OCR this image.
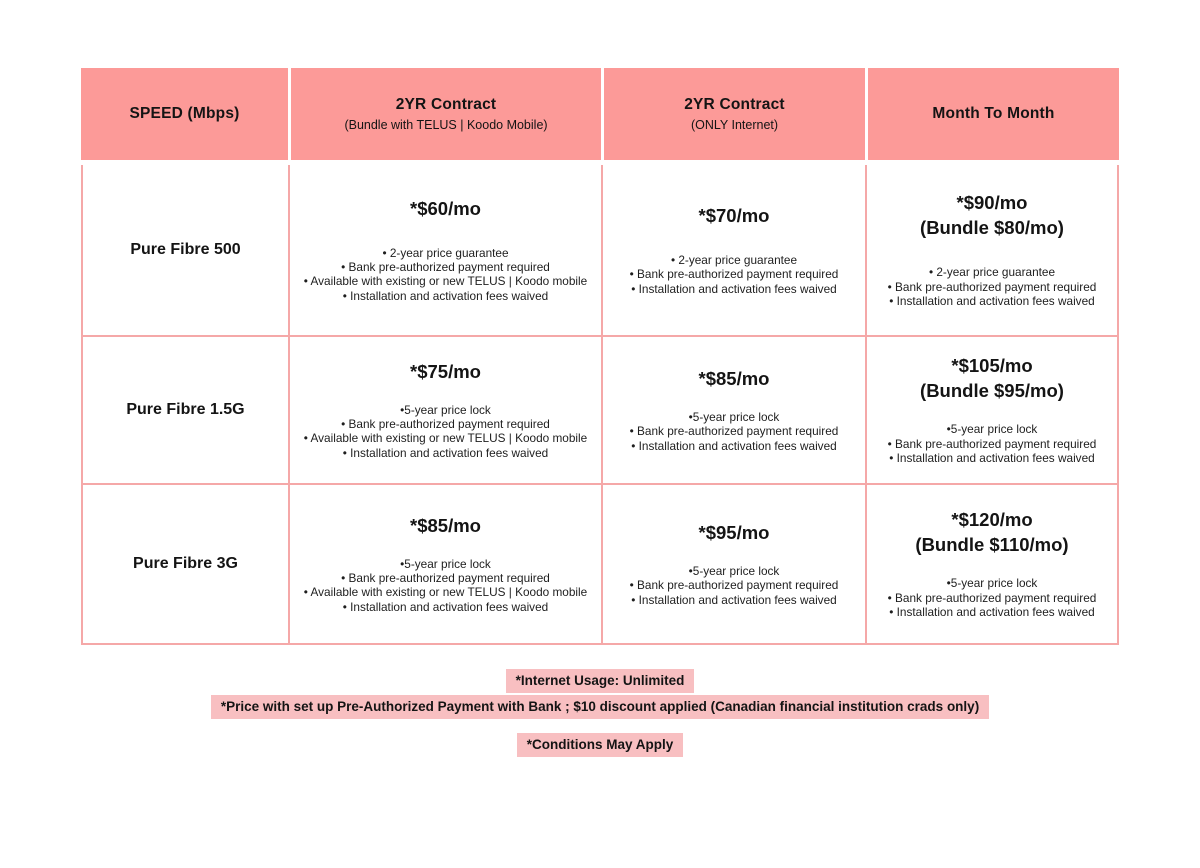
SPEED (Mbps)
2YR Contract
(Bundle with TELUS | Koodo Mobile)
2YR Contract
(ONLY Internet)
Month To Month
Pure Fibre 500
*$60/mo
• 2-year price guarantee
• Bank pre-authorized payment required
• Available with existing or new TELUS | Koodo mobile
• Installation and activation fees waived
*$70/mo
• 2-year price guarantee
• Bank pre-authorized payment required
• Installation and activation fees waived
*$90/mo
(Bundle $80/mo)
• 2-year price guarantee
• Bank pre-authorized payment required
• Installation and activation fees waived
Pure Fibre 1.5G
*$75/mo
•5-year price lock
• Bank pre-authorized payment required
• Available with existing or new TELUS | Koodo mobile
• Installation and activation fees waived
*$85/mo
•5-year price lock
• Bank pre-authorized payment required
• Installation and activation fees waived
*$105/mo
(Bundle $95/mo)
•5-year price lock
• Bank pre-authorized payment required
• Installation and activation fees waived
Pure Fibre 3G
*$85/mo
•5-year price lock
• Bank pre-authorized payment required
• Available with existing or new TELUS | Koodo mobile
• Installation and activation fees waived
*$95/mo
•5-year price lock
• Bank pre-authorized payment required
• Installation and activation fees waived
*$120/mo
(Bundle $110/mo)
•5-year price lock
• Bank pre-authorized payment required
• Installation and activation fees waived
*Internet Usage: Unlimited
*Price with set up Pre-Authorized Payment with Bank ; $10 discount applied (Canadian financial institution crads only)
*Conditions May Apply
